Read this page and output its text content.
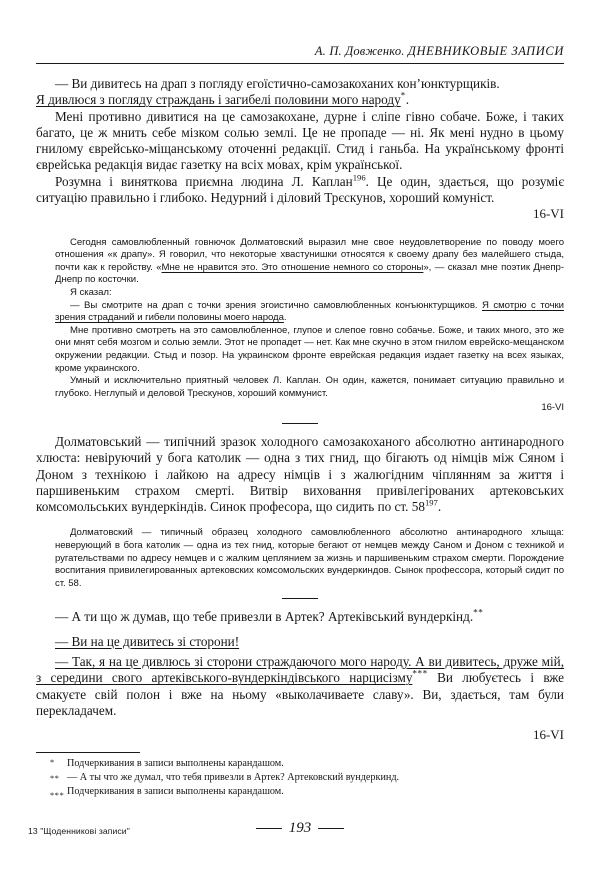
А. П. Довженко. ДНЕВНИКОВЫЕ ЗАПИСИ

— Ви дивитесь на драп з погляду егоїстично-самозакоханих кон’юнктурщиків.
Я дивлюся з погляду страждань і загибелі половини мого народу*.

Мені противно дивитися на це самозакохане, дурне і сліпе гівно собаче. Боже, і таких багато, це ж мнить себе мізком солью землі. Це не пропаде — ні. Як мені нудно в цьому гнилому єврейсько-міщанському оточенні редакції. Стид і ганьба. На українському фронті єврейська редакція видає газетку на всіх мо́вах, крім української.

Розумна і виняткова приємна людина Л. Каплан$^{196}$. Це один, здається, що розуміє ситуацію правильно і глибоко. Недурний і діловий Трєскунов, хороший комуніст.

16-VI

Сегодня самовлюбленный говнючок Долматовский выразил мне свое неудовлетворение по поводу моего отношения «к драпу». Я говорил, что некоторые хвастунишки относятся к своему драпу без малейшего стыда, почти как к геройству. «Мне не нравится это. Это отношение немного со стороны», — сказал мне поэтик Днепр-Днепр по косточки.

Я сказал:

— Вы смотрите на драп с точки зрения эгоистично самовлюбленных конъюнктурщиков. Я смотрю с точки зрения страданий и гибели половины моего народа.

Мне противно смотреть на это самовлюбленное, глупое и слепое говно собачье. Боже, и таких много, это же они мнят себя мозгом и солью земли. Этот не пропадет — нет. Как мне скучно в этом гнилом еврейско-мещанском окружении редакции. Стыд и позор. На украинском фронте еврейская редакция издает газетку на всех языках, кроме украинского.

Умный и исключительно приятный человек Л. Каплан. Он один, кажется, понимает ситуацию правильно и глубоко. Неглупый и деловой Трескунов, хороший коммунист.

16-VI

Долматовський — типічний зразок холодного самозакоханого абсолютно антинародного хлюста: невіруючий у бога католик — одна з тих гнид, що бігають од німців між Сяном і Доном з технікою і лайкою на адресу німців і з жалюгідним чіплянням за життя і паршивеньким страхом смерті. Витвір виховання привілегірованих артековських комсомольських вундеркіндів. Синок професора, що сидить по ст. $58^{197}$.

Долматовский — типичный образец холодного самовлюбленного абсолютно антинародного хлыща: неверующий в бога католик — одна из тех гнид, которые бегают от немцев между Саном и Доном с техникой и ругательствами по адресу немцев и с жалким цеплянием за жизнь и паршивеньким страхом смерти. Порождение воспитания привилегированных артековских комсомольских вундеркиндов. Сынок профессора, который сидит по ст. 58.

— А ти що ж думав, що тебе привезли в Артек? Артеківський вундеркінд.**

— Ви на це дивитесь зі сторони!

— Так, я на це дивлюсь зі сторони страждаючого мого народу. А ви дивитесь, друже мій, з середини свого артеківського-вундеркіндівського нарцисізму*** Ви любуєтесь і вже смакуєте свій полон і вже на ньому «выколачиваете славу». Ви, здається, там були перекладачем.

16-VI

* Подчеркивания в записи выполнены карандашом.
** — А ты что же думал, что тебя привезли в Артек? Артековский вундеркинд.
*** Подчеркивания в записи выполнены карандашом.
13 "Щоденникові записи"	193
